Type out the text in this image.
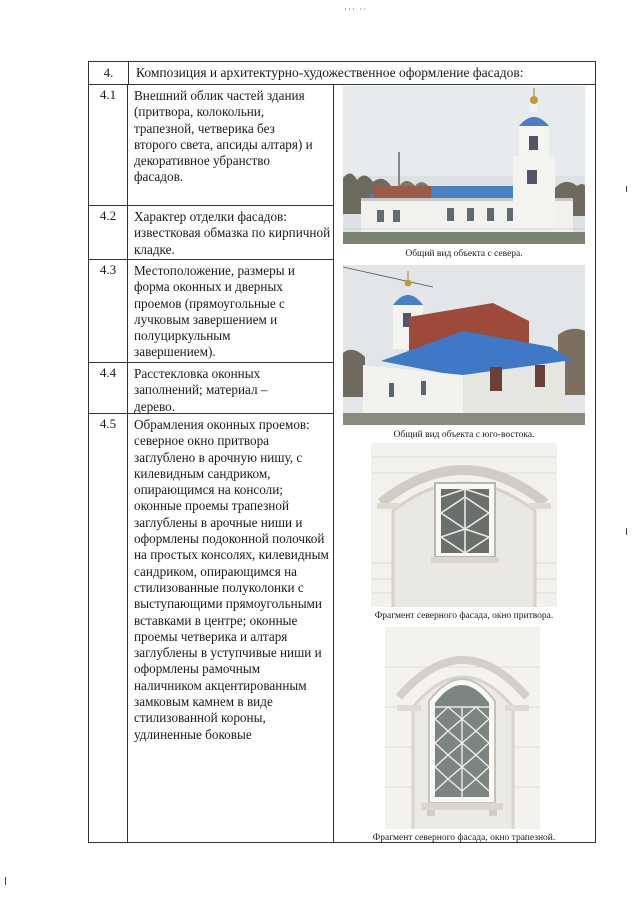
··· ··
4.	Композиция и архитектурно-художественное оформление фасадов:
4.1
4.2
4.3
4.4
4.5
Внешний облик частей здания (притвора, колокольни, трапезной, четверика без второго света, апсиды алтаря) и декоративное убранство фасадов.
Характер отделки фасадов: известковая обмазка по кирпичной кладке.
Местоположение, размеры и форма оконных и дверных проемов (прямоугольные с лучковым завершением и полуциркульным завершением).
Расстекловка оконных заполнений; материал – дерево.
Обрамления оконных проемов: северное окно притвора заглублено в арочную нишу, с килевидным сандриком, опирающимся на консоли; оконные проемы трапезной заглублены в арочные ниши и оформлены подоконной полочкой на простых консолях, килевидным сандриком, опирающимся на стилизованные полуколонки с выступающими прямоугольными вставками в центре; оконные проемы четверика и алтаря заглублены в уступчивые ниши и оформлены рамочным наличником акцентированным замковым камнем в виде стилизованной короны, удлиненные боковые
Общий вид объекта с севера.
Общий вид объекта с юго-востока.
Фрагмент северного фасада, окно притвора.
Фрагмент северного фасада, окно трапезной.
